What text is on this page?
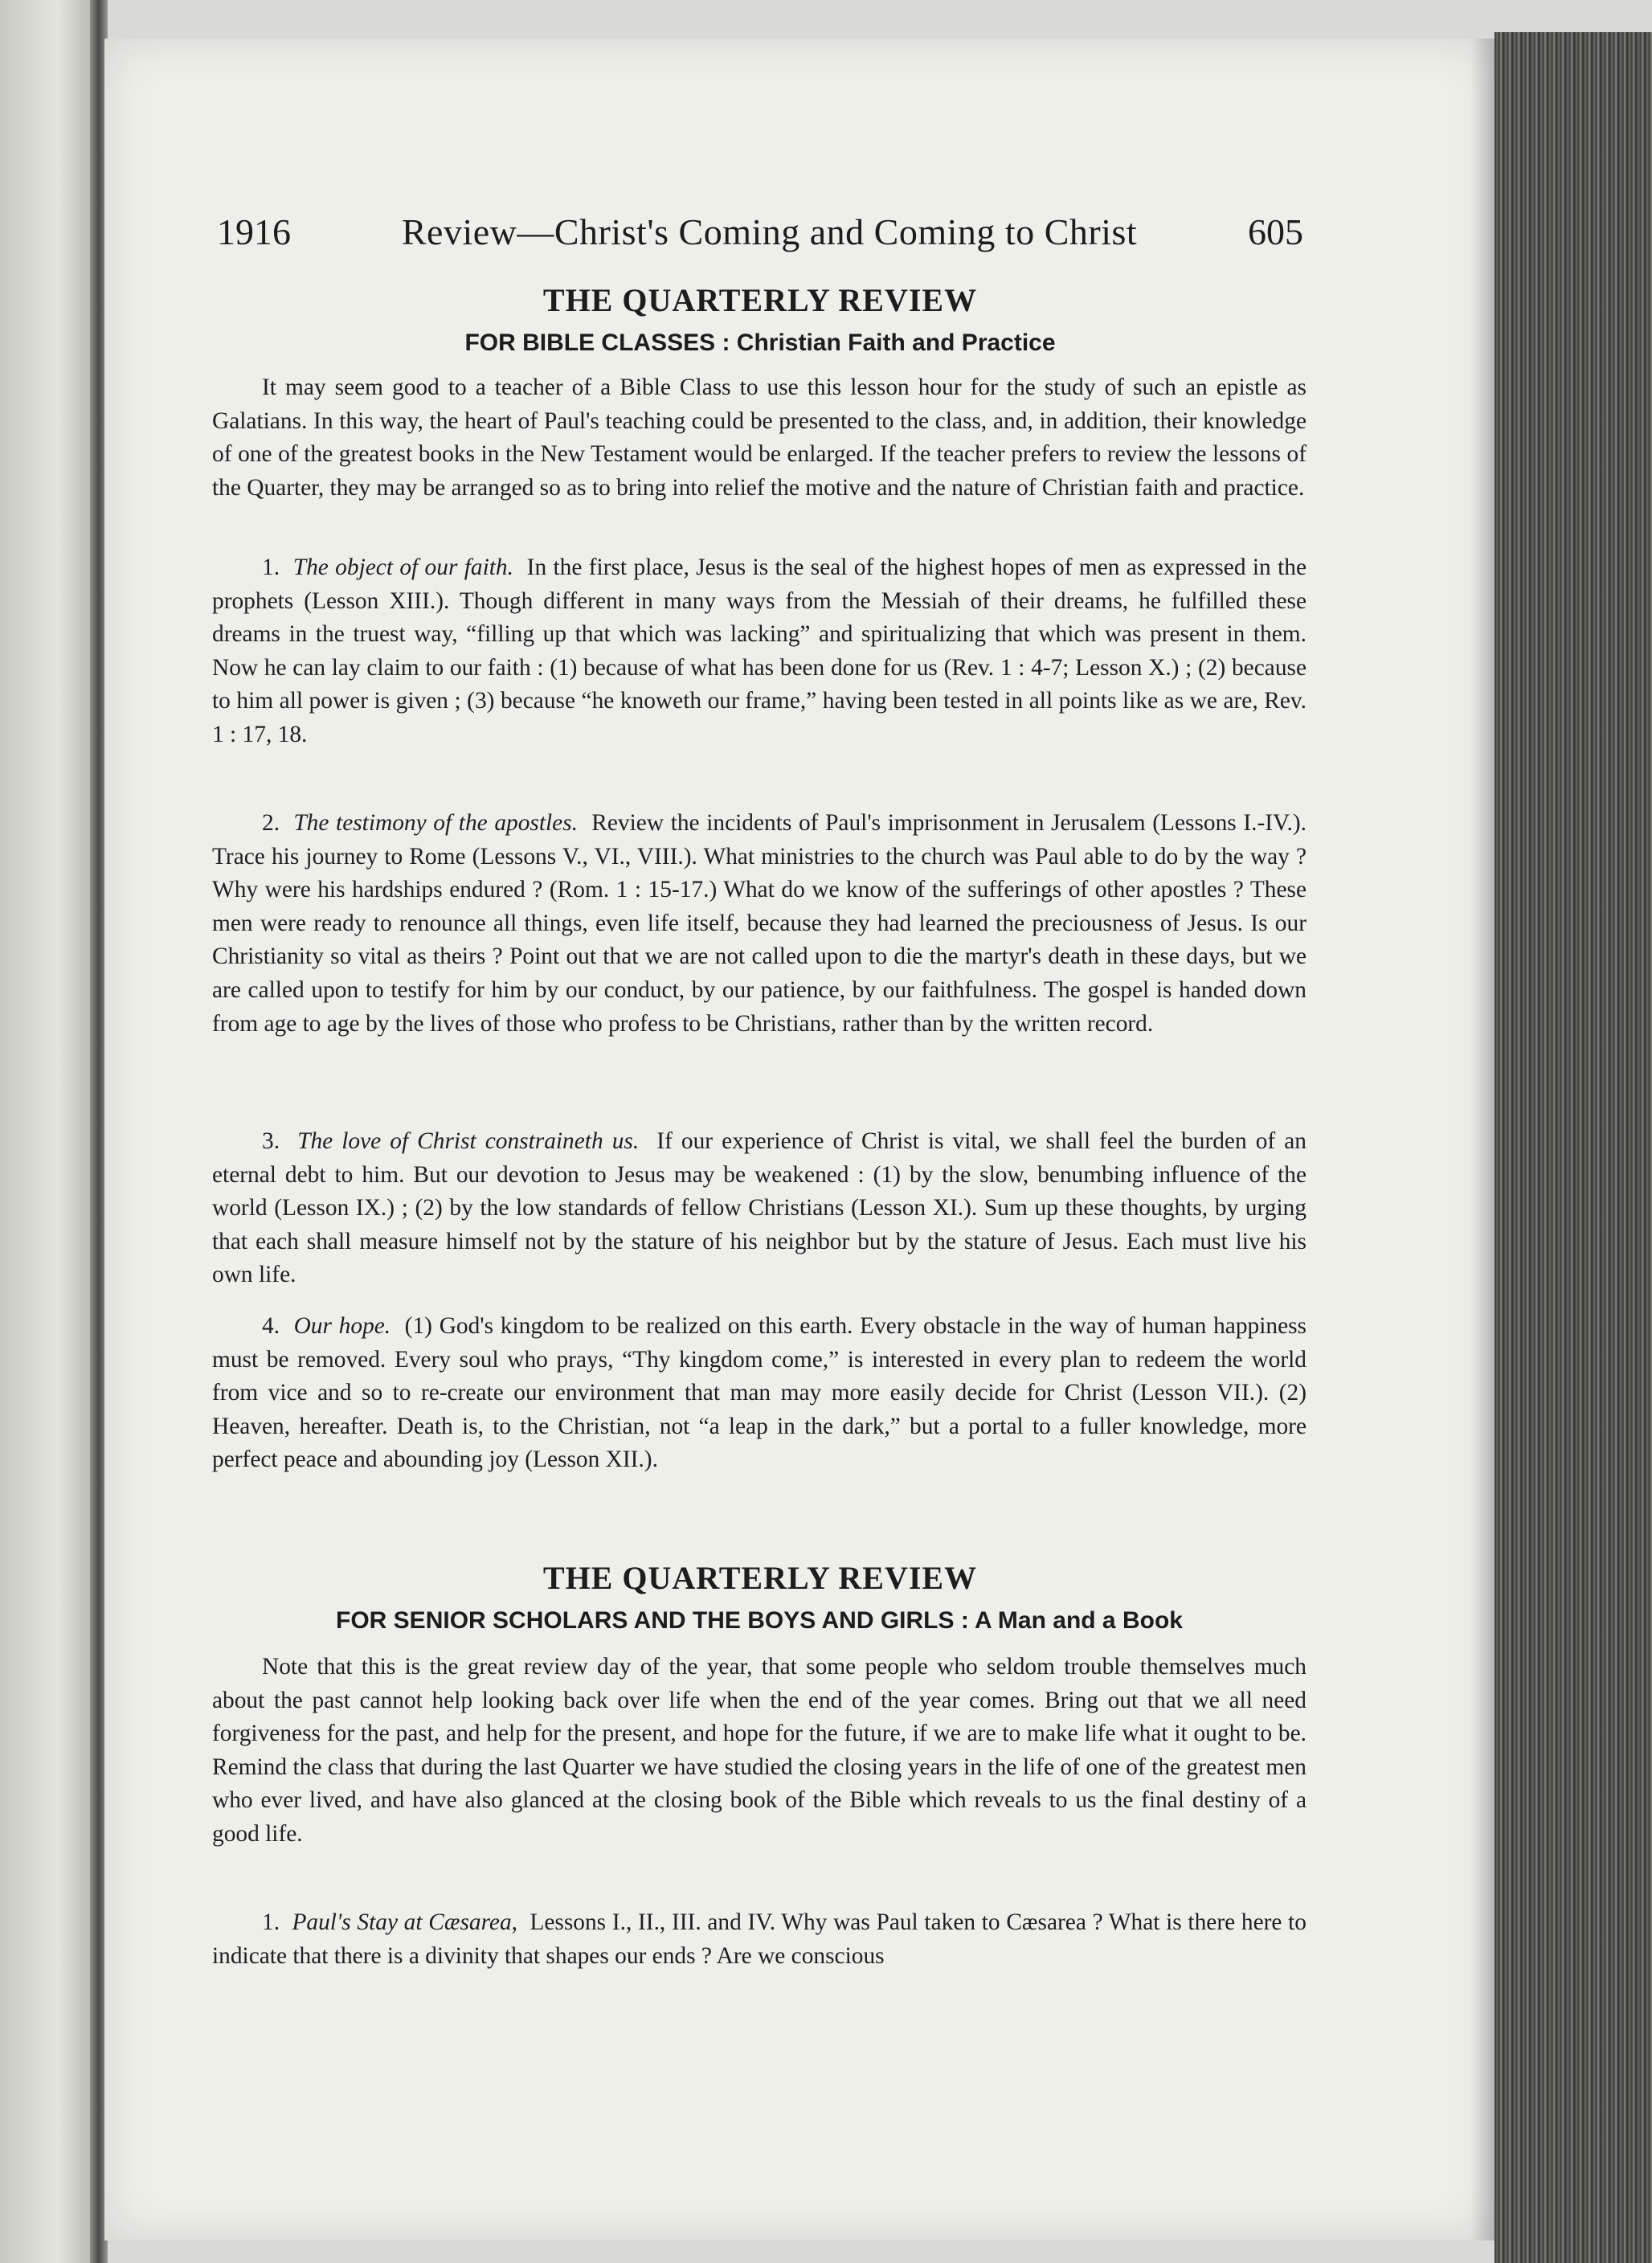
1916	Review—Christ's Coming and Coming to Christ	605
THE QUARTERLY REVIEW
FOR BIBLE CLASSES : Christian Faith and Practice

It may seem good to a teacher of a Bible Class to use this lesson hour for the study of such an epistle as Galatians. In this way, the heart of Paul's teaching could be presented to the class, and, in addition, their knowledge of one of the greatest books in the New Testament would be enlarged. If the teacher prefers to review the lessons of the Quarter, they may be arranged so as to bring into relief the motive and the nature of Christian faith and practice.

1. The object of our faith. In the first place, Jesus is the seal of the highest hopes of men as expressed in the prophets (Lesson XIII.). Though different in many ways from the Messiah of their dreams, he fulfilled these dreams in the truest way, “filling up that which was lacking” and spiritualizing that which was present in them. Now he can lay claim to our faith : (1) because of what has been done for us (Rev. 1 : 4-7; Lesson X.) ; (2) because to him all power is given ; (3) because “he knoweth our frame,” having been tested in all points like as we are, Rev. 1 : 17, 18.

2. The testimony of the apostles. Review the incidents of Paul's imprisonment in Jerusalem (Lessons I.-IV.). Trace his journey to Rome (Lessons V., VI., VIII.). What ministries to the church was Paul able to do by the way ? Why were his hardships endured ? (Rom. 1 : 15-17.) What do we know of the sufferings of other apostles ? These men were ready to renounce all things, even life itself, because they had learned the preciousness of Jesus. Is our Christianity so vital as theirs ? Point out that we are not called upon to die the martyr's death in these days, but we are called upon to testify for him by our conduct, by our patience, by our faithfulness. The gospel is handed down from age to age by the lives of those who profess to be Christians, rather than by the written record.

3. The love of Christ constraineth us. If our experience of Christ is vital, we shall feel the burden of an eternal debt to him. But our devotion to Jesus may be weakened : (1) by the slow, benumbing influence of the world (Lesson IX.) ; (2) by the low standards of fellow Christians (Lesson XI.). Sum up these thoughts, by urging that each shall measure himself not by the stature of his neighbor but by the stature of Jesus. Each must live his own life.

4. Our hope. (1) God's kingdom to be realized on this earth. Every obstacle in the way of human happiness must be removed. Every soul who prays, “Thy kingdom come,” is interested in every plan to redeem the world from vice and so to re-create our environment that man may more easily decide for Christ (Lesson VII.). (2) Heaven, hereafter. Death is, to the Christian, not “a leap in the dark,” but a portal to a fuller knowledge, more perfect peace and abounding joy (Lesson XII.).

THE QUARTERLY REVIEW
FOR SENIOR SCHOLARS AND THE BOYS AND GIRLS : A Man and a Book

Note that this is the great review day of the year, that some people who seldom trouble themselves much about the past cannot help looking back over life when the end of the year comes. Bring out that we all need forgiveness for the past, and help for the present, and hope for the future, if we are to make life what it ought to be. Remind the class that during the last Quarter we have studied the closing years in the life of one of the greatest men who ever lived, and have also glanced at the closing book of the Bible which reveals to us the final destiny of a good life.

1. Paul's Stay at Cæsarea, Lessons I., II., III. and IV. Why was Paul taken to Cæsarea ? What is there here to indicate that there is a divinity that shapes our ends ? Are we conscious
